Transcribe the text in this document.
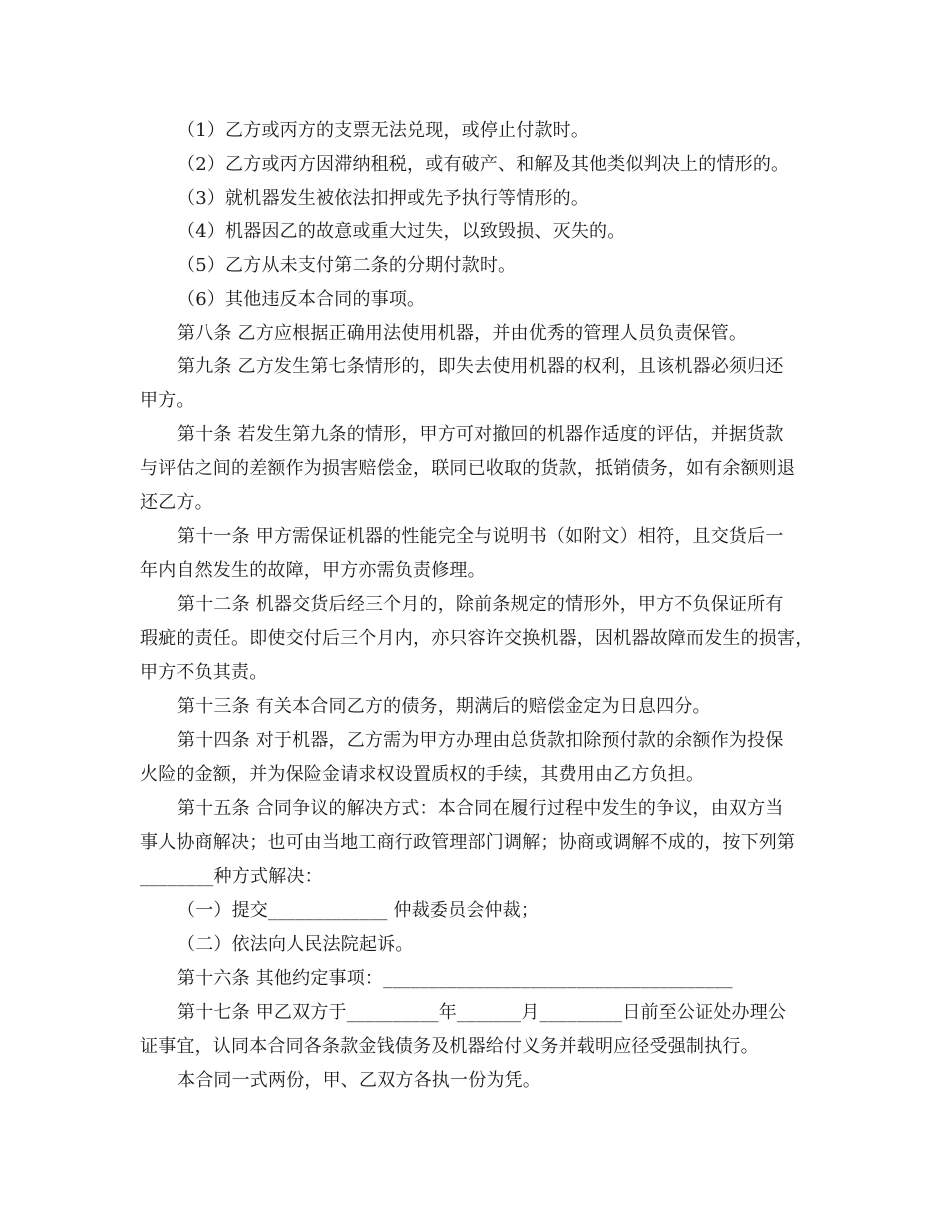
（1）乙方或丙方的支票无法兑现，或停止付款时。
（2）乙方或丙方因滞纳租税，或有破产、和解及其他类似判决上的情形的。
（3）就机器发生被依法扣押或先予执行等情形的。
（4）机器因乙的故意或重大过失，以致毁损、灭失的。
（5）乙方从未支付第二条的分期付款时。
（6）其他违反本合同的事项。
第八条 乙方应根据正确用法使用机器，并由优秀的管理人员负责保管。
第九条 乙方发生第七条情形的，即失去使用机器的权利，且该机器必须归还
甲方。
第十条 若发生第九条的情形，甲方可对撤回的机器作适度的评估，并据货款
与评估之间的差额作为损害赔偿金，联同已收取的货款，抵销债务，如有余额则退
还乙方。
第十一条 甲方需保证机器的性能完全与说明书（如附文）相符，且交货后一
年内自然发生的故障，甲方亦需负责修理。
第十二条 机器交货后经三个月的，除前条规定的情形外，甲方不负保证所有
瑕疵的责任。即使交付后三个月内，亦只容许交换机器，因机器故障而发生的损害，
甲方不负其责。
第十三条 有关本合同乙方的债务，期满后的赔偿金定为日息四分。
第十四条 对于机器，乙方需为甲方办理由总货款扣除预付款的余额作为投保
火险的金额，并为保险金请求权设置质权的手续，其费用由乙方负担。
第十五条 合同争议的解决方式：本合同在履行过程中发生的争议，由双方当
事人协商解决；也可由当地工商行政管理部门调解；协商或调解不成的，按下列第
________种方式解决：
（一）提交_____________ 仲裁委员会仲裁；
（二）依法向人民法院起诉。
第十六条 其他约定事项：______________________________________
第十七条 甲乙双方于__________年_______月_________日前至公证处办理公
证事宜，认同本合同各条款金钱债务及机器给付义务并载明应径受强制执行。
本合同一式两份，甲、乙双方各执一份为凭。
